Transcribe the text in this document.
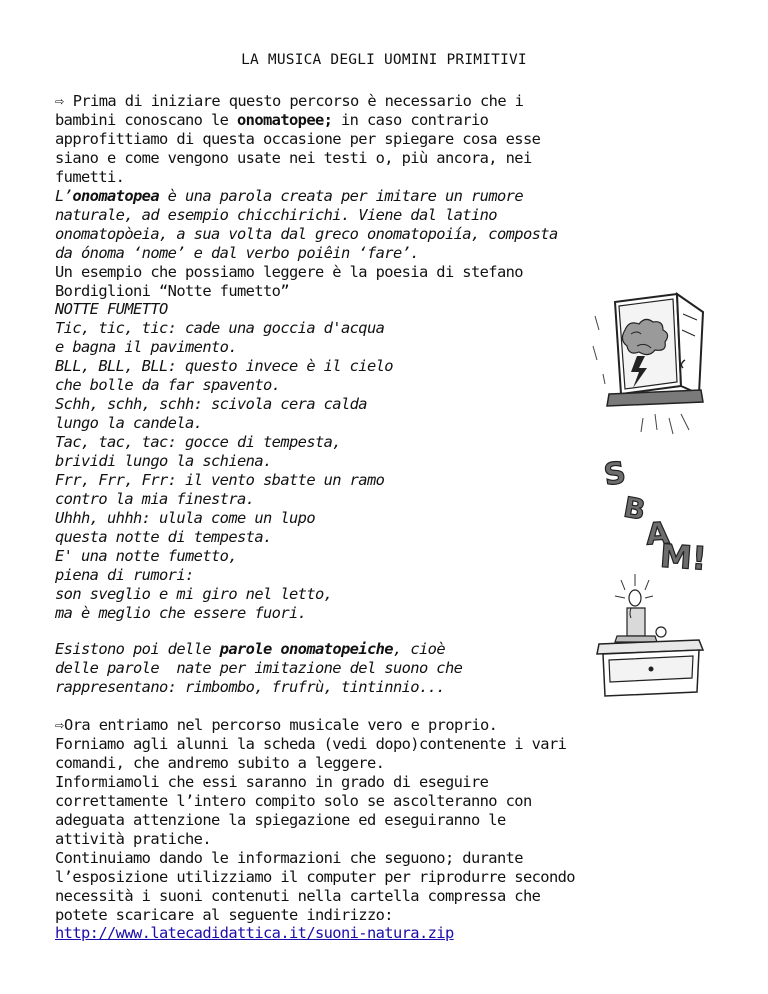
LA MUSICA DEGLI UOMINI PRIMITIVI
⇨ Prima di iniziare questo percorso è necessario che i
bambini conoscano le onomatopee; in caso contrario
approfittiamo di questa occasione per spiegare cosa esse
siano e come vengono usate nei testi o, più ancora, nei
fumetti.
L’onomatopea è una parola creata per imitare un rumore
naturale, ad esempio chicchirichi. Viene dal latino
onomatopòeia, a sua volta dal greco onomatopoiía, composta
da ónoma ‘nome’ e dal verbo poiêin ‘fare’.
Un esempio che possiamo leggere è la poesia di stefano
Bordiglioni “Notte fumetto”
NOTTE FUMETTO
Tic, tic, tic: cade una goccia d'acqua
e bagna il pavimento.
BLL, BLL, BLL: questo invece è il cielo
che bolle da far spavento.
Schh, schh, schh: scivola cera calda
lungo la candela.
Tac, tac, tac: gocce di tempesta,
brividi lungo la schiena.
Frr, Frr, Frr: il vento sbatte un ramo
contro la mia finestra.
Uhhh, uhhh: ulula come un lupo
questa notte di tempesta.
E' una notte fumetto,
piena di rumori:
son sveglio e mi giro nel letto,
ma è meglio che essere fuori.
Esistono poi delle parole onomatopeiche, cioè
delle parole  nate per imitazione del suono che
rappresentano: rimbombo, frufrù, tintinnio...
⇨Ora entriamo nel percorso musicale vero e proprio.
Forniamo agli alunni la scheda (vedi dopo)contenente i vari
comandi, che andremo subito a leggere.
Informiamoli che essi saranno in grado di eseguire
correttamente l’intero compito solo se ascolteranno con
adeguata attenzione la spiegazione ed eseguiranno le
attività pratiche.
Continuiamo dando le informazioni che seguono; durante
l’esposizione utilizziamo il computer per riprodurre secondo
necessità i suoni contenuti nella cartella compressa che
potete scaricare al seguente indirizzo:
http://www.latecadidattica.it/suoni-natura.zip
S
B
A
M!
